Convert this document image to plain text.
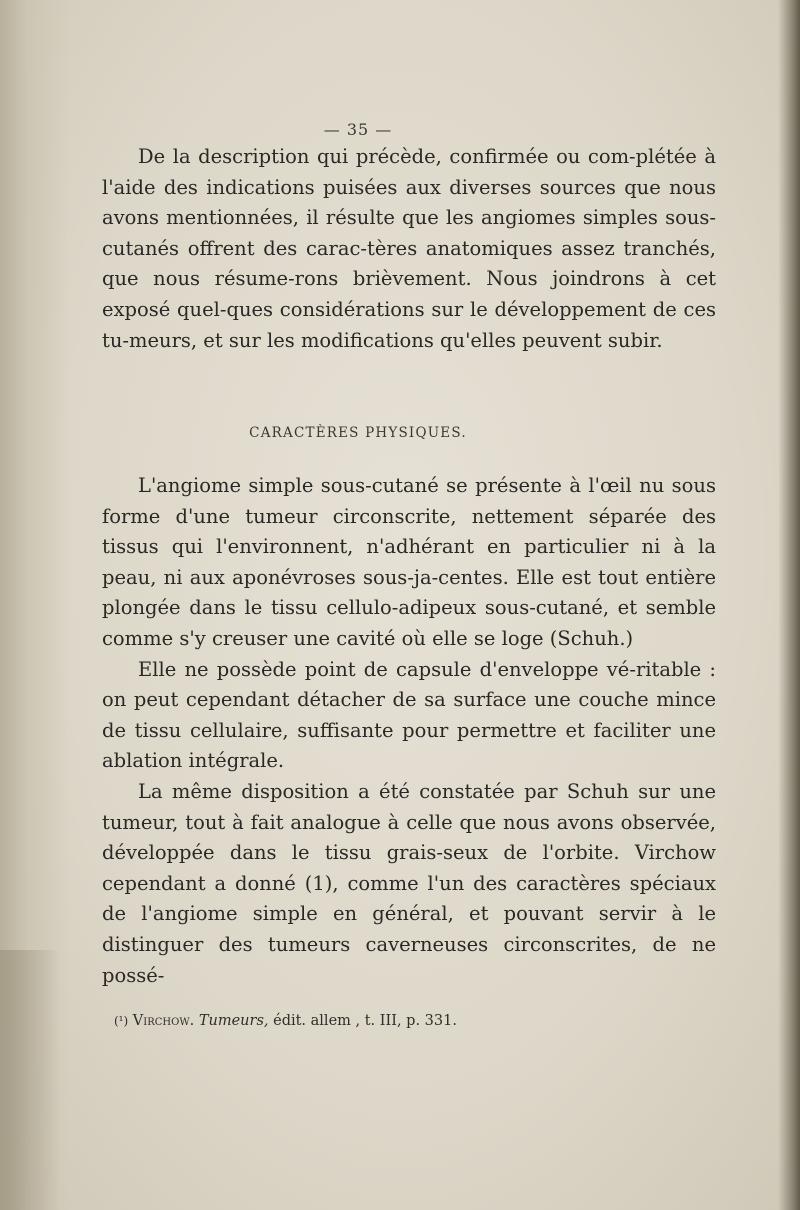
— 35 —

De la description qui précède, confirmée ou com-plétée à l'aide des indications puisées aux diverses sources que nous avons mentionnées, il résulte que les angiomes simples sous-cutanés offrent des carac-tères anatomiques assez tranchés, que nous résume-rons brièvement. Nous joindrons à cet exposé quel-ques considérations sur le développement de ces tu-meurs, et sur les modifications qu'elles peuvent subir.

CARACTÈRES PHYSIQUES.

L'angiome simple sous-cutané se présente à l'œil nu sous forme d'une tumeur circonscrite, nettement séparée des tissus qui l'environnent, n'adhérant en particulier ni à la peau, ni aux aponévroses sous-ja-centes. Elle est tout entière plongée dans le tissu cellulo-adipeux sous-cutané, et semble comme s'y creuser une cavité où elle se loge (Schuh.)

Elle ne possède point de capsule d'enveloppe vé-ritable : on peut cependant détacher de sa surface une couche mince de tissu cellulaire, suffisante pour permettre et faciliter une ablation intégrale.

La même disposition a été constatée par Schuh sur une tumeur, tout à fait analogue à celle que nous avons observée, développée dans le tissu grais-seux de l'orbite. Virchow cependant a donné (1), comme l'un des caractères spéciaux de l'angiome simple en général, et pouvant servir à le distinguer des tumeurs caverneuses circonscrites, de ne possé-

(¹) Virchow. Tumeurs, édit. allem , t. III, p. 331.
